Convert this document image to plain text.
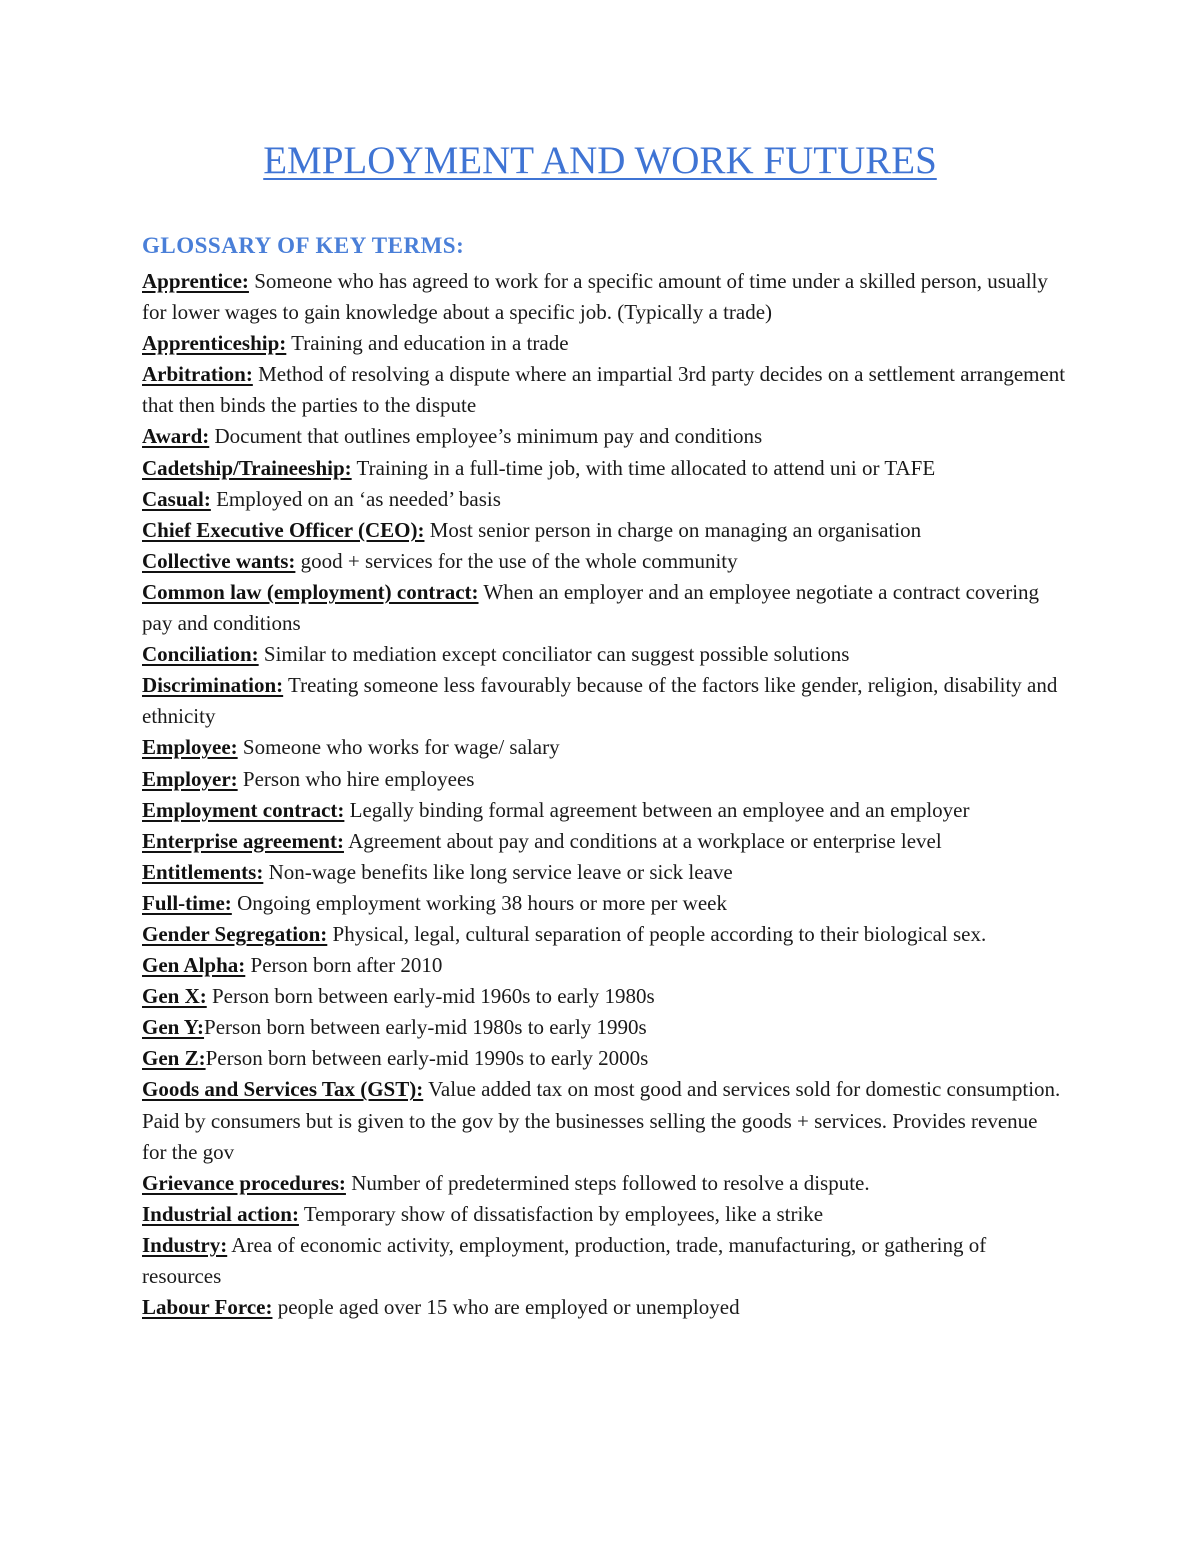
EMPLOYMENT AND WORK FUTURES
GLOSSARY OF KEY TERMS:
Apprentice: Someone who has agreed to work for a specific amount of time under a skilled person, usually for lower wages to gain knowledge about a specific job. (Typically a trade)
Apprenticeship: Training and education in a trade
Arbitration: Method of resolving a dispute where an impartial 3rd party decides on a settlement arrangement that then binds the parties to the dispute
Award: Document that outlines employee’s minimum pay and conditions
Cadetship/Traineeship: Training in a full-time job, with time allocated to attend uni or TAFE
Casual: Employed on an ‘as needed’ basis
Chief Executive Officer (CEO): Most senior person in charge on managing an organisation
Collective wants: good + services for the use of the whole community
Common law (employment) contract: When an employer and an employee negotiate a contract covering pay and conditions
Conciliation: Similar to mediation except conciliator can suggest possible solutions
Discrimination: Treating someone less favourably because of the factors like gender, religion, disability and ethnicity
Employee: Someone who works for wage/ salary
Employer: Person who hire employees
Employment contract: Legally binding formal agreement between an employee and an employer
Enterprise agreement: Agreement about pay and conditions at a workplace or enterprise level
Entitlements: Non-wage benefits like long service leave or sick leave
Full-time: Ongoing employment working 38 hours or more per week
Gender Segregation: Physical, legal, cultural separation of people according to their biological sex.
Gen Alpha: Person born after 2010
Gen X: Person born between early-mid 1960s to early 1980s
Gen Y:Person born between early-mid 1980s to early 1990s
Gen Z:Person born between early-mid 1990s to early 2000s
Goods and Services Tax (GST): Value added tax on most good and services sold for domestic consumption. Paid by consumers but is given to the gov by the businesses selling the goods + services. Provides revenue for the gov
Grievance procedures: Number of predetermined steps followed to resolve a dispute.
Industrial action: Temporary show of dissatisfaction by employees, like a strike
Industry: Area of economic activity, employment, production, trade, manufacturing, or gathering of resources
Labour Force: people aged over 15 who are employed or unemployed
